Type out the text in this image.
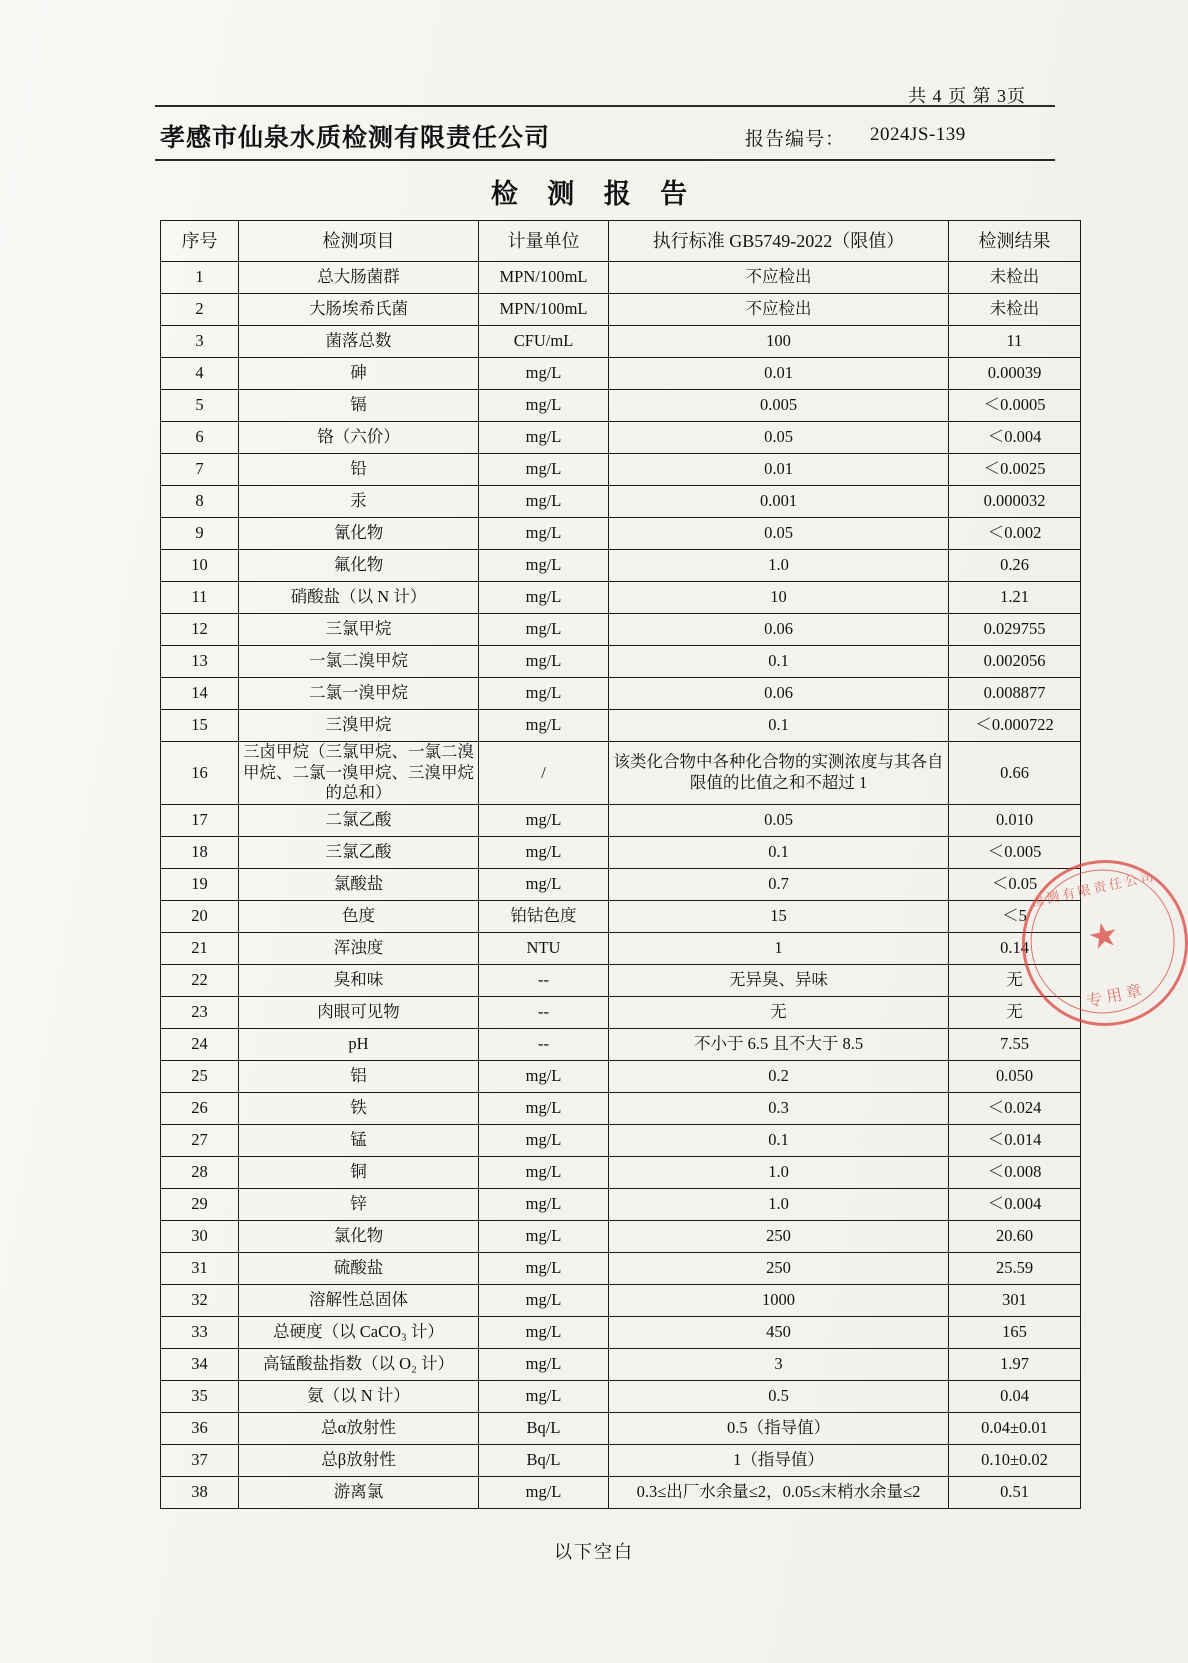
共 4 页 第 3页
孝感市仙泉水质检测有限责任公司	报告编号： 2024JS-139
检 测 报 告
序号	检测项目	计量单位	执行标准 GB5749-2022（限值）	检测结果
1	总大肠菌群	MPN/100mL	不应检出	未检出
2	大肠埃希氏菌	MPN/100mL	不应检出	未检出
3	菌落总数	CFU/mL	100	11
4	砷	mg/L	0.01	0.00039
5	镉	mg/L	0.005	＜0.0005
6	铬（六价）	mg/L	0.05	＜0.004
7	铅	mg/L	0.01	＜0.0025
8	汞	mg/L	0.001	0.000032
9	氰化物	mg/L	0.05	＜0.002
10	氟化物	mg/L	1.0	0.26
11	硝酸盐（以 N 计）	mg/L	10	1.21
12	三氯甲烷	mg/L	0.06	0.029755
13	一氯二溴甲烷	mg/L	0.1	0.002056
14	二氯一溴甲烷	mg/L	0.06	0.008877
15	三溴甲烷	mg/L	0.1	＜0.000722
16	三卤甲烷（三氯甲烷、一氯二溴甲烷、二氯一溴甲烷、三溴甲烷的总和）	/	该类化合物中各种化合物的实测浓度与其各自限值的比值之和不超过 1	0.66
17	二氯乙酸	mg/L	0.05	0.010
18	三氯乙酸	mg/L	0.1	＜0.005
19	氯酸盐	mg/L	0.7	＜0.05
20	色度	铂钴色度	15	＜5
21	浑浊度	NTU	1	0.14
22	臭和味	--	无异臭、异味	无
23	肉眼可见物	--	无	无
24	pH	--	不小于 6.5 且不大于 8.5	7.55
25	铝	mg/L	0.2	0.050
26	铁	mg/L	0.3	＜0.024
27	锰	mg/L	0.1	＜0.014
28	铜	mg/L	1.0	＜0.008
29	锌	mg/L	1.0	＜0.004
30	氯化物	mg/L	250	20.60
31	硫酸盐	mg/L	250	25.59
32	溶解性总固体	mg/L	1000	301
33	总硬度（以 CaCO₃ 计）	mg/L	450	165
34	高锰酸盐指数（以 O₂ 计）	mg/L	3	1.97
35	氨（以 N 计）	mg/L	0.5	0.04
36	总α放射性	Bq/L	0.5（指导值）	0.04±0.01
37	总β放射性	Bq/L	1（指导值）	0.10±0.02
38	游离氯	mg/L	0.3≤出厂水余量≤2，0.05≤末梢水余量≤2	0.51
以下空白
检测有限责任公司
★
专用章
